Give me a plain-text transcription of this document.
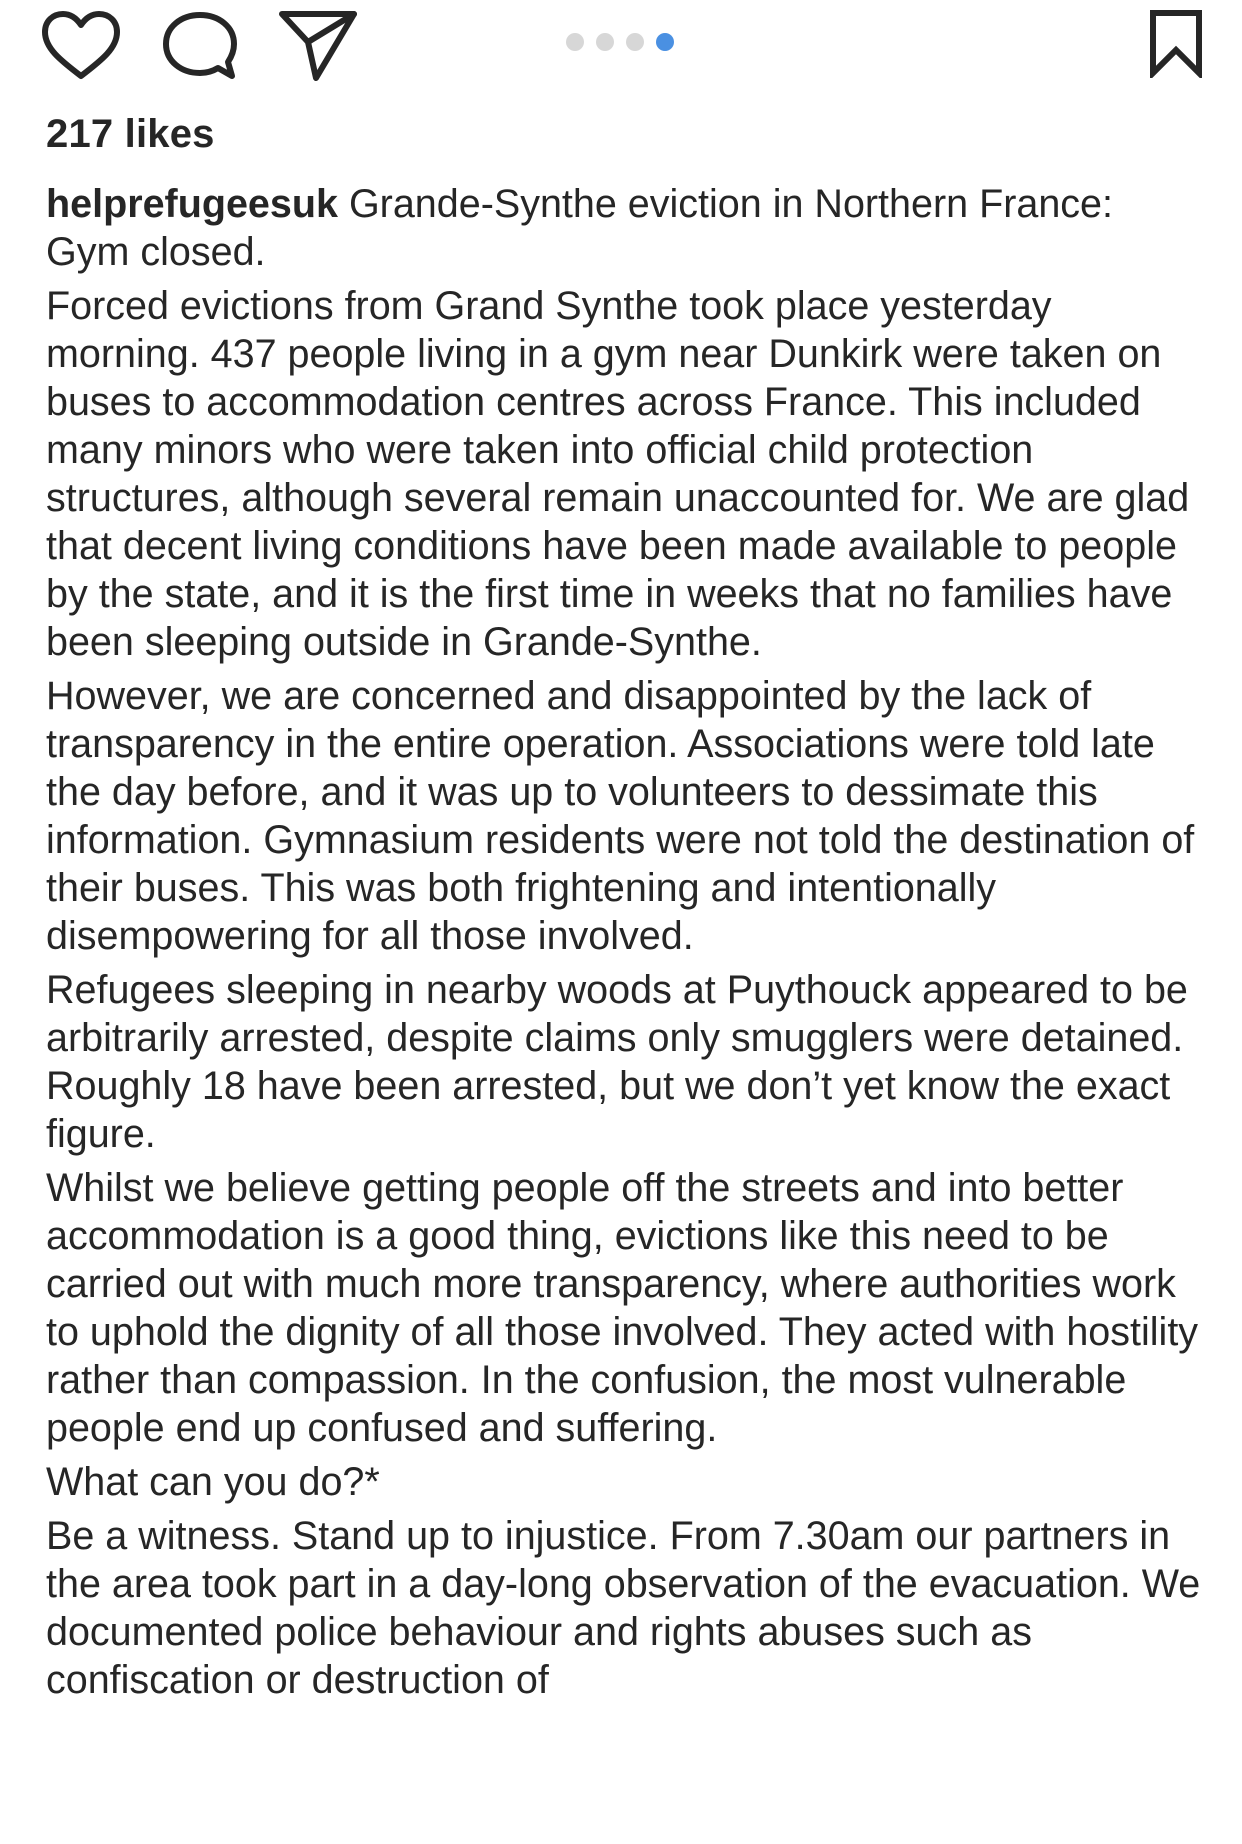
217 likes

helprefugeesuk Grande-Synthe eviction in Northern France: Gym closed.

Forced evictions from Grand Synthe took place yesterday morning. 437 people living in a gym near Dunkirk were taken on buses to accommodation centres across France. This included many minors who were taken into official child protection structures, although several remain unaccounted for. We are glad that decent living conditions have been made available to people by the state, and it is the first time in weeks that no families have been sleeping outside in Grande-Synthe.

However, we are concerned and disappointed by the lack of transparency in the entire operation. Associations were told late the day before, and it was up to volunteers to dessimate this information. Gymnasium residents were not told the destination of their buses. This was both frightening and intentionally disempowering for all those involved.

Refugees sleeping in nearby woods at Puythouck appeared to be arbitrarily arrested, despite claims only smugglers were detained. Roughly 18 have been arrested, but we don’t yet know the exact figure.

Whilst we believe getting people off the streets and into better accommodation is a good thing, evictions like this need to be carried out with much more transparency, where authorities work to uphold the dignity of all those involved. They acted with hostility rather than compassion. In the confusion, the most vulnerable people end up confused and suffering.

What can you do?*

Be a witness. Stand up to injustice. From 7.30am our partners in the area took part in a day-long observation of the evacuation. We documented police behaviour and rights abuses such as confiscation or destruction of
